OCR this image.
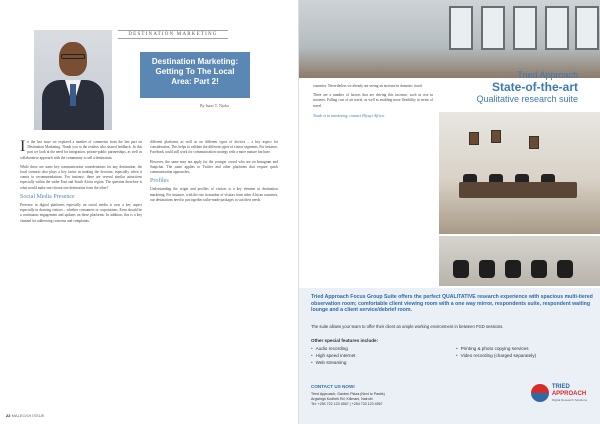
DESTINATION MARKETING
Destination Marketing: Getting To The Local Area: Part 2!
By Isaac T. Njoka

In the last issue we explored a number of comments from the last part on Destination Marketing. Thank you to the readers who shared feedback. In this part we look at the need for integration, private-public partnerships, as well as collaborative approach with the community to sell a destination.

While these are some key communication considerations for any destination, the local scenario also plays a key factor in making the decision, especially when it comes to recommendations. For instance, there are several similar attractions especially within the wider East and South Africa region. The question therefore is what would make one choose one destination from the other?

Social Media Presence

Presence in digital platforms especially on social media is now a key aspect especially in drawing visitors – whether consumers or corporations. Even should be a continuous engagement and updates on these platforms. In addition, this is a key channel for addressing concerns and complaints.

different platforms as well as on different types of devices – a key aspect for consideration. This helps to validate the different types of visitor segments. For instance, Facebook could still work for communication strategy with a more mature fan base.

However, the same may not apply for the younger crowd who are on Instagram and Snapchat. The same applies to Twitter and other platforms that require quick communication approaches.

Profiles

Understanding the origin and profiles of visitors is a key element in destination marketing. For instance, with the rise in number of visitors from other African countries, our destinations need to put together tailor-made packages to suit their needs.

22 MALEO/19 ISSUE

countries. Nevertheless we already are seeing an increase in domestic travel.

There are a number of factors that are driving this increase, such as rise in incomes. Falling cost of air travel, as well as enabling more flexibility in terms of travel.

Trade is in marketing, contact Hiyayi Africa.

Tried Approach
State-of-the-art
Qualitative research suite
Tried Approach Focus Group Suite offers the perfect QUALITATIVE research experience with spacious multi-tiered observation room; comfortable client viewing room with a one way mirror, respondents suite, respondent waiting lounge and a client service/debrief room.
The suite allows your team to offer their client an ample working environment in between FGD sessions.
Other special features include:
• Audio recording	• Printing & photo copying services
• High speed internet	• Video recording (charged separately)
• Web streaming
CONTACT US NOW!
Tried Approach, Garden Plaza (Next to Pastis)
Argwings Kodhek Rd, Kilimani, Nairobi
Tel: +254 722 123 4567 | +254 733 123 4567
TRIED
APPROACH
Digital Research Solutions
